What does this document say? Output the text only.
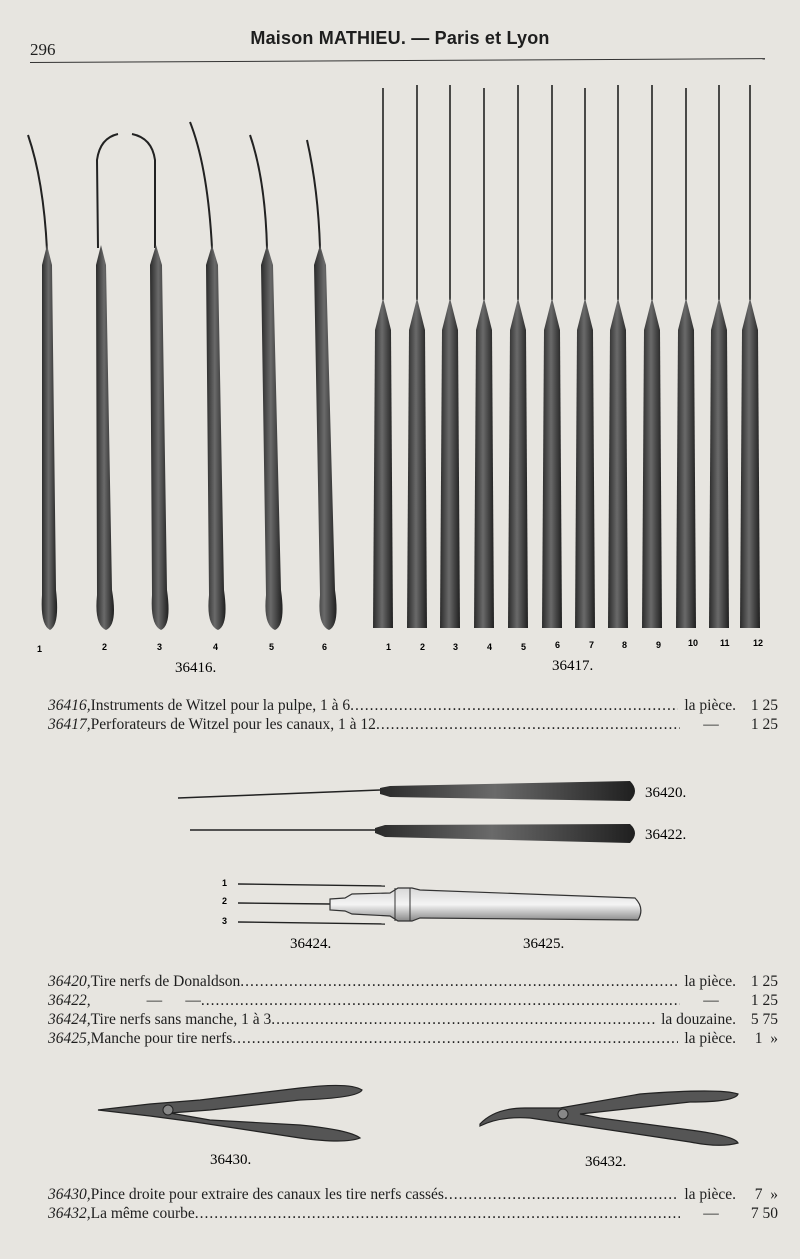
296
Maison MATHIEU. — Paris et Lyon
1	2	3	4	5	6	1	2	3	4	5	6	7	8	9	10 11	12
36416.	36417.
36420.
36422.
1
2
3
36424.	36425.
36430.	36432.
36416, Instruments de Witzel pour la pulpe, 1 à 6 .....	la pièce. 1 25
36417, Perforateurs de Witzel pour les canaux, 1 à 12 .....	—	1 25
36420, Tire nerfs de Donaldson .....	la pièce. 1 25
36422,	—      — .....	—	1 25
36424, Tire nerfs sans manche, 1 à 3 .....	la douzaine. 5 75
36425, Manche pour tire nerfs .....	la pièce.	1  »
36430, Pince droite pour extraire des canaux les tire nerfs cassés .....	la pièce.	7  »
36432, La même courbe .....	—	7 50
